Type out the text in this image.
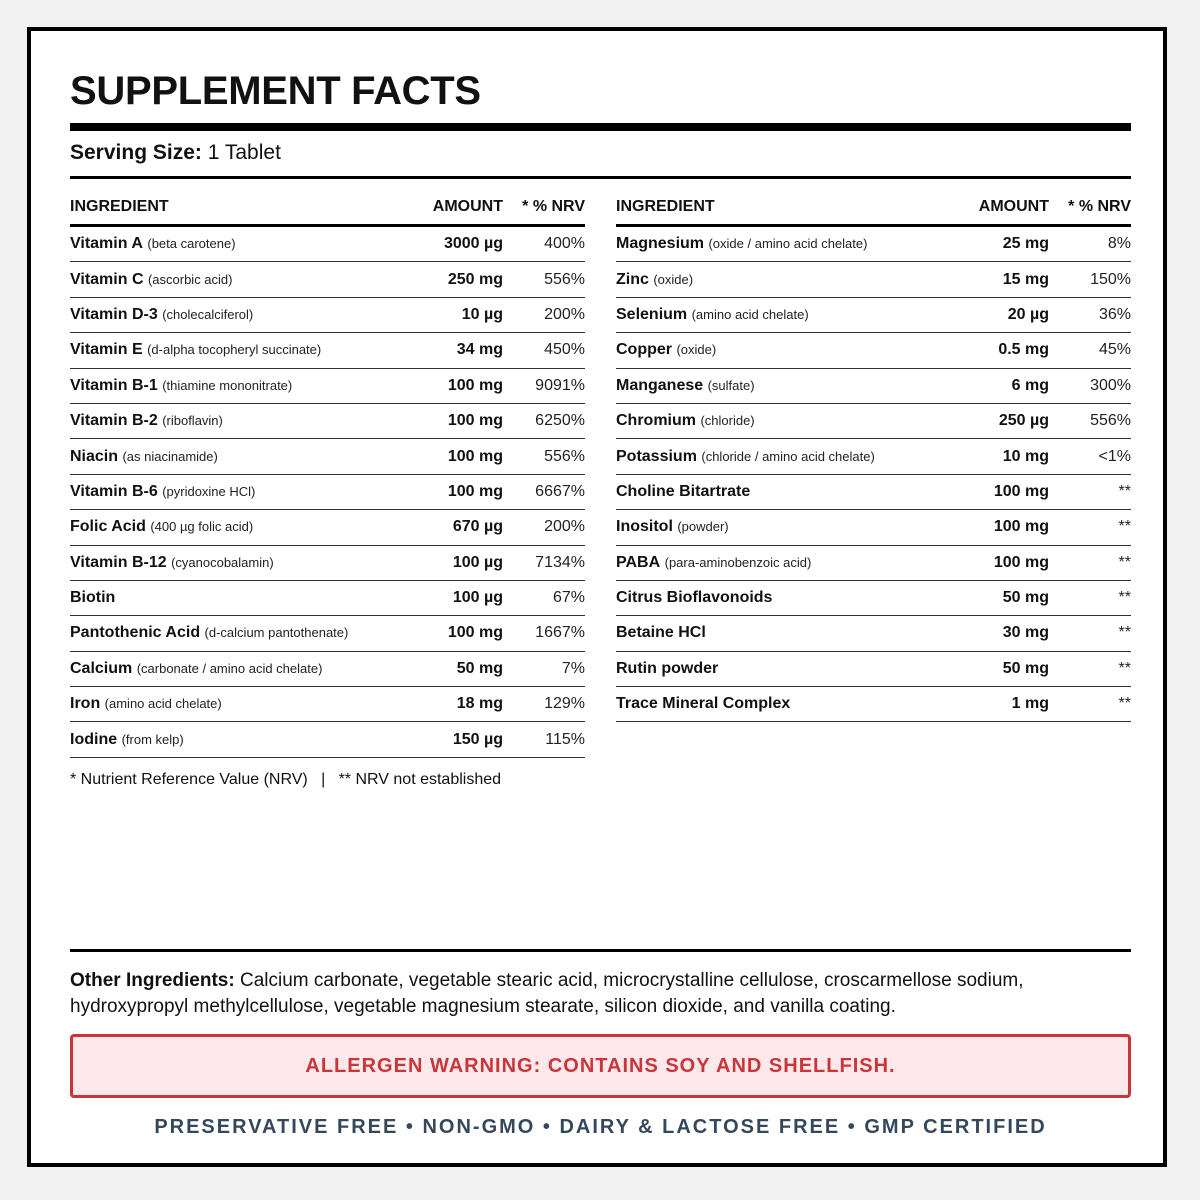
SUPPLEMENT FACTS
Serving Size: 1 Tablet
INGREDIENT	AMOUNT	* % NRV
Vitamin A (beta carotene)	3000 µg	400%
Vitamin C (ascorbic acid)	250 mg	556%
Vitamin D-3 (cholecalciferol)	10 µg	200%
Vitamin E (d-alpha tocopheryl succinate)	34 mg	450%
Vitamin B-1 (thiamine mononitrate)	100 mg	9091%
Vitamin B-2 (riboflavin)	100 mg	6250%
Niacin (as niacinamide)	100 mg	556%
Vitamin B-6 (pyridoxine HCl)	100 mg	6667%
Folic Acid (400 µg folic acid)	670 µg	200%
Vitamin B-12 (cyanocobalamin)	100 µg	7134%
Biotin	100 µg	67%
Pantothenic Acid (d-calcium pantothenate)	100 mg	1667%
Calcium (carbonate / amino acid chelate)	50 mg	7%
Iron (amino acid chelate)	18 mg	129%
Iodine (from kelp)	150 µg	115%
INGREDIENT	AMOUNT	* % NRV
Magnesium (oxide / amino acid chelate)	25 mg	8%
Zinc (oxide)	15 mg	150%
Selenium (amino acid chelate)	20 µg	36%
Copper (oxide)	0.5 mg	45%
Manganese (sulfate)	6 mg	300%
Chromium (chloride)	250 µg	556%
Potassium (chloride / amino acid chelate)	10 mg	<1%
Choline Bitartrate	100 mg	**
Inositol (powder)	100 mg	**
PABA (para-aminobenzoic acid)	100 mg	**
Citrus Bioflavonoids	50 mg	**
Betaine HCl	30 mg	**
Rutin powder	50 mg	**
Trace Mineral Complex	1 mg	**
* Nutrient Reference Value (NRV)   |   ** NRV not established
Other Ingredients: Calcium carbonate, vegetable stearic acid, microcrystalline cellulose, croscarmellose sodium, hydroxypropyl methylcellulose, vegetable magnesium stearate, silicon dioxide, and vanilla coating.
ALLERGEN WARNING: CONTAINS SOY AND SHELLFISH.
PRESERVATIVE FREE • NON-GMO • DAIRY & LACTOSE FREE • GMP CERTIFIED
